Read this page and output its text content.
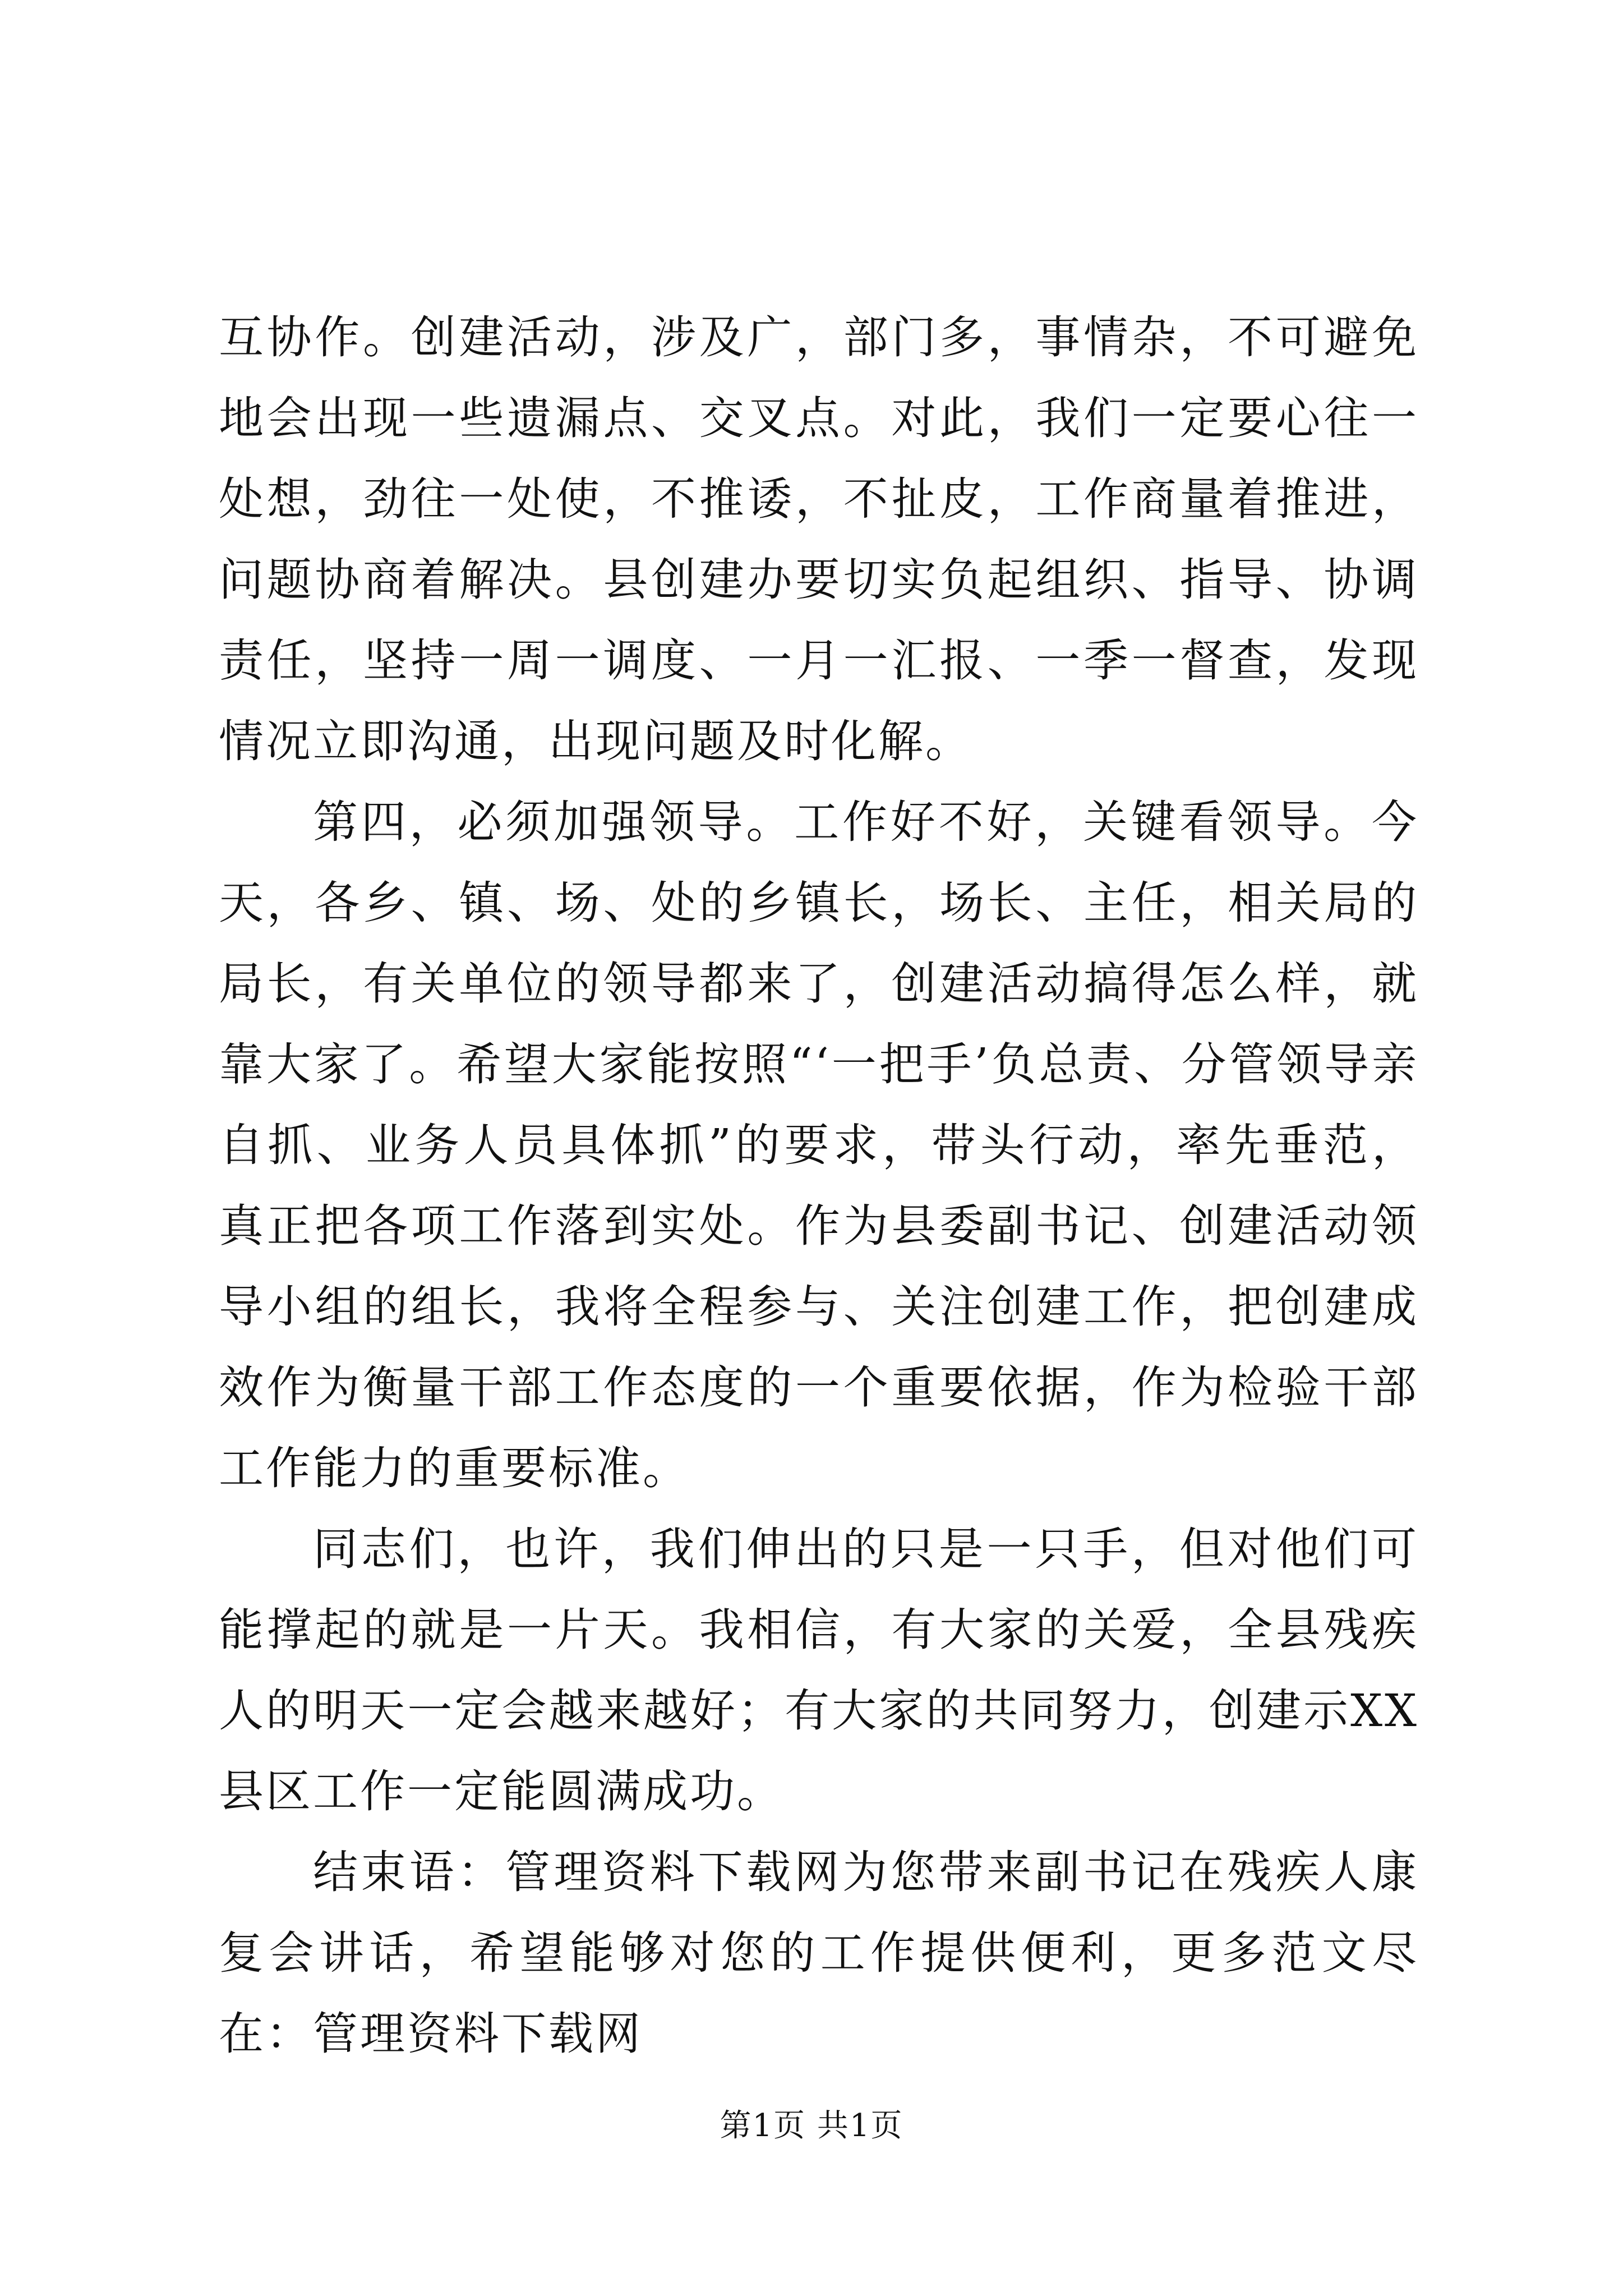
互协作。创建活动，涉及广，部门多，事情杂，不可避免地会出现一些遗漏点、交叉点。对此，我们一定要心往一处想，劲往一处使，不推诿，不扯皮，工作商量着推进，问题协商着解决。县创建办要切实负起组织、指导、协调责任，坚持一周一调度、一月一汇报、一季一督查，发现情况立即沟通，出现问题及时化解。

第四，必须加强领导。工作好不好，关键看领导。今天，各乡、镇、场、处的乡镇长，场长、主任，相关局的局长，有关单位的领导都来了，创建活动搞得怎么样，就靠大家了。希望大家能按照“‘一把手’负总责、分管领导亲自抓、业务人员具体抓”的要求，带头行动，率先垂范，真正把各项工作落到实处。作为县委副书记、创建活动领导小组的组长，我将全程参与、关注创建工作，把创建成效作为衡量干部工作态度的一个重要依据，作为检验干部工作能力的重要标准。

同志们，也许，我们伸出的只是一只手，但对他们可能撑起的就是一片天。我相信，有大家的关爱，全县残疾人的明天一定会越来越好；有大家的共同努力，创建示XX县区工作一定能圆满成功。

结束语：管理资料下载网为您带来副书记在残疾人康复会讲话，希望能够对您的工作提供便利，更多范文尽在：管理资料下载网

第1页 共1页
